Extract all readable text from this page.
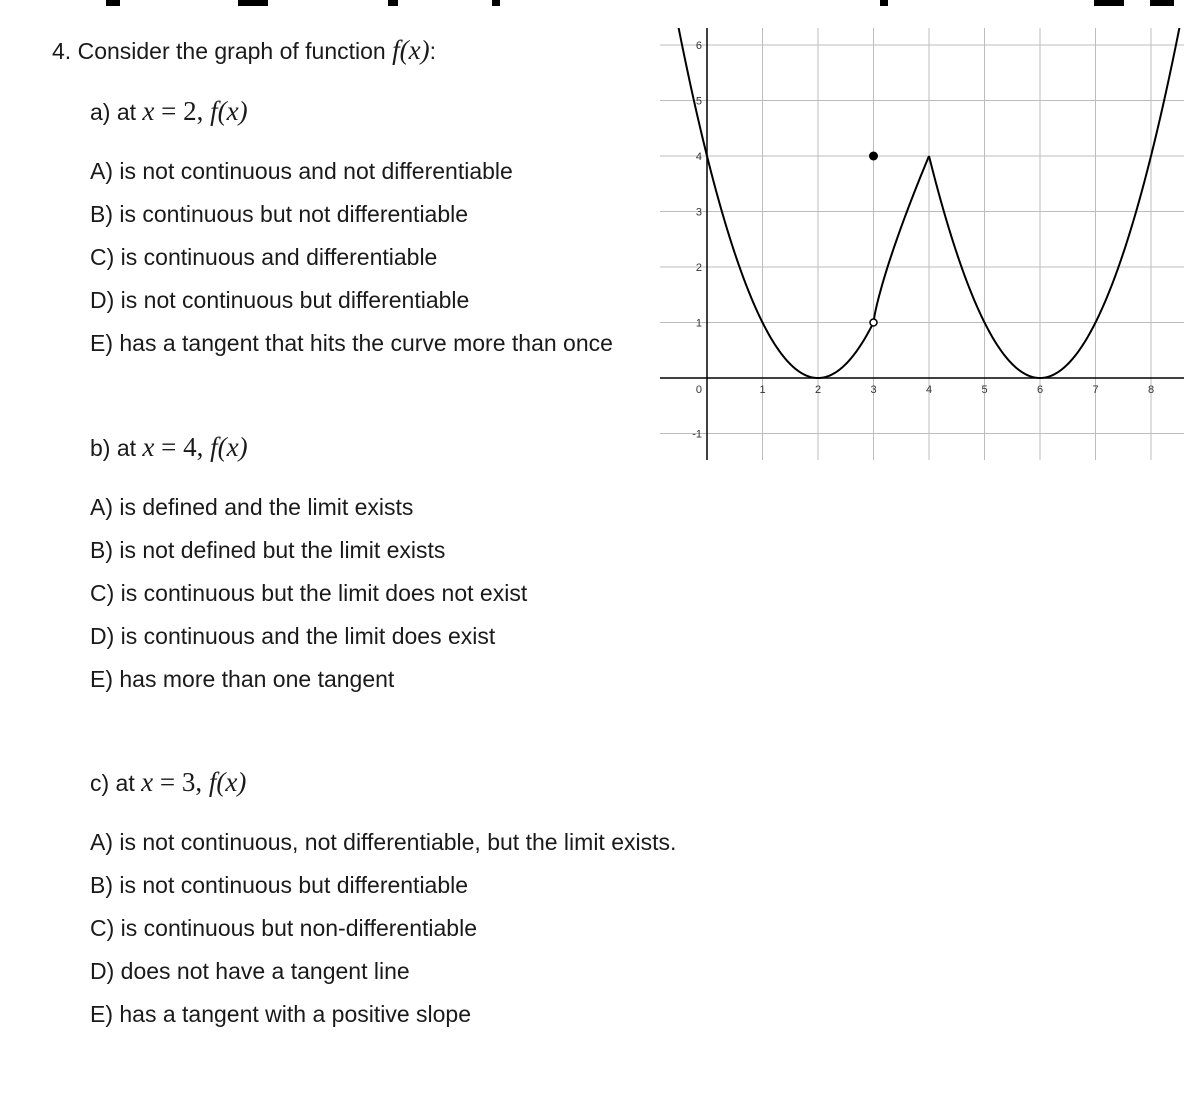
4. Consider the graph of function f(x):
a) at x = 2, f(x)
A) is not continuous and not differentiable
B) is continuous but not differentiable
C) is continuous and differentiable
D) is not continuous but differentiable
E) has a tangent that hits the curve more than once
b) at x = 4, f(x)
A) is defined and the limit exists
B) is not defined but the limit exists
C) is continuous but the limit does not exist
D) is continuous and the limit does exist
E) has more than one tangent
c) at x = 3, f(x)
A) is not continuous, not differentiable, but the limit exists.
B) is not continuous but differentiable
C) is continuous but non-differentiable
D) does not have a tangent line
E) has a tangent with a positive slope
1	2	3	4	5	6	7	8
-1
1
2
3
4
5
6
0
